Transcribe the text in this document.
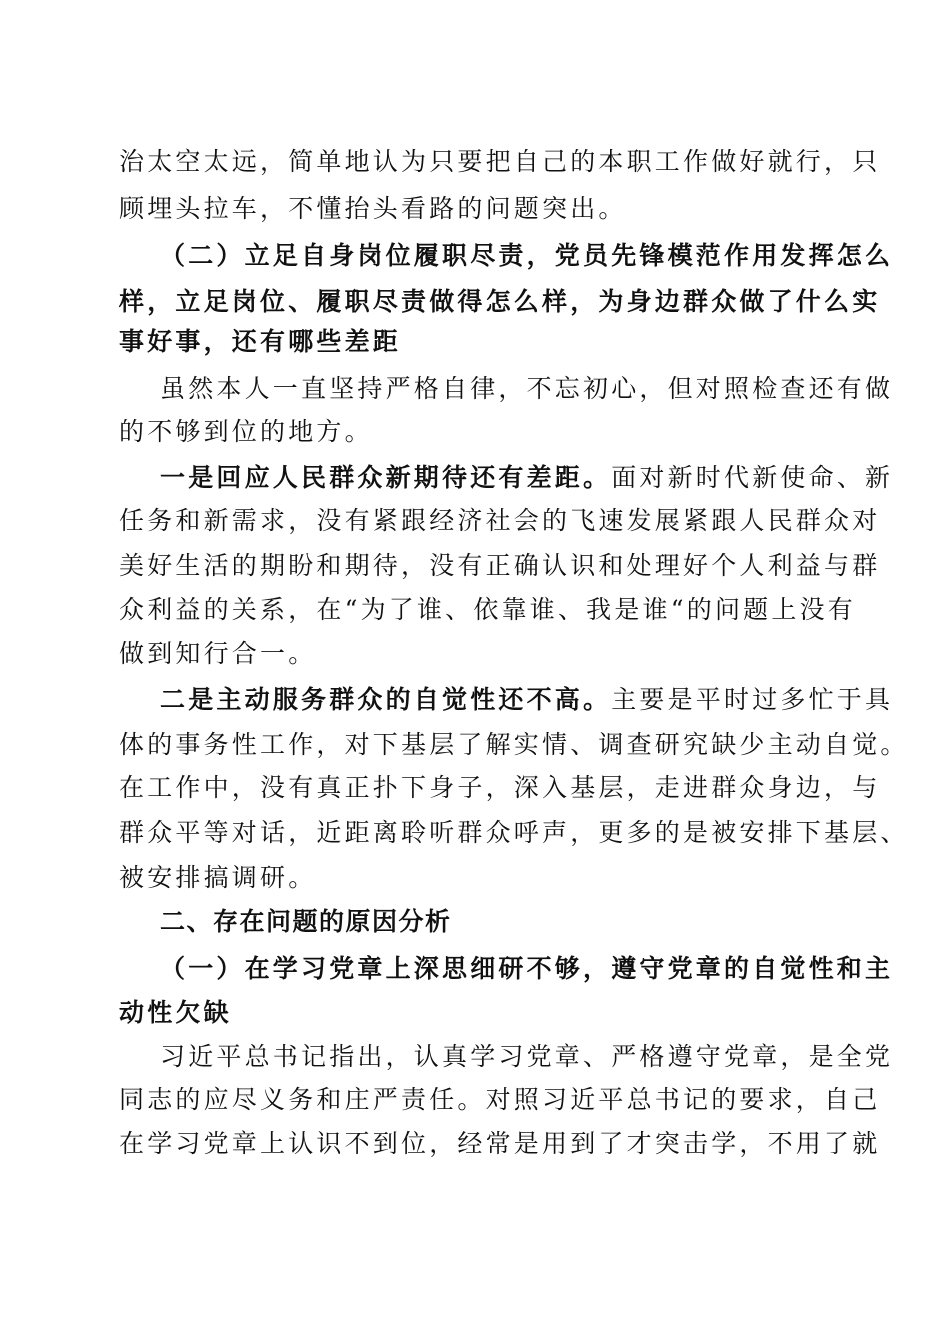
治太空太远，简单地认为只要把自己的本职工作做好就行，只
顾埋头拉车，不懂抬头看路的问题突出。
（二）立足自身岗位履职尽责，党员先锋模范作用发挥怎么
样，立足岗位、履职尽责做得怎么样，为身边群众做了什么实
事好事，还有哪些差距
虽然本人一直坚持严格自律，不忘初心，但对照检查还有做
的不够到位的地方。
一是回应人民群众新期待还有差距。面对新时代新使命、新
任务和新需求，没有紧跟经济社会的飞速发展紧跟人民群众对
美好生活的期盼和期待，没有正确认识和处理好个人利益与群
众利益的关系，在“为了谁、依靠谁、我是谁“的问题上没有
做到知行合一。
二是主动服务群众的自觉性还不高。主要是平时过多忙于具
体的事务性工作，对下基层了解实情、调查研究缺少主动自觉。
在工作中，没有真正扑下身子，深入基层，走进群众身边，与
群众平等对话，近距离聆听群众呼声，更多的是被安排下基层、
被安排搞调研。
二、存在问题的原因分析
（一）在学习党章上深思细研不够，遵守党章的自觉性和主
动性欠缺
习近平总书记指出，认真学习党章、严格遵守党章，是全党
同志的应尽义务和庄严责任。对照习近平总书记的要求，自己
在学习党章上认识不到位，经常是用到了才突击学，不用了就
